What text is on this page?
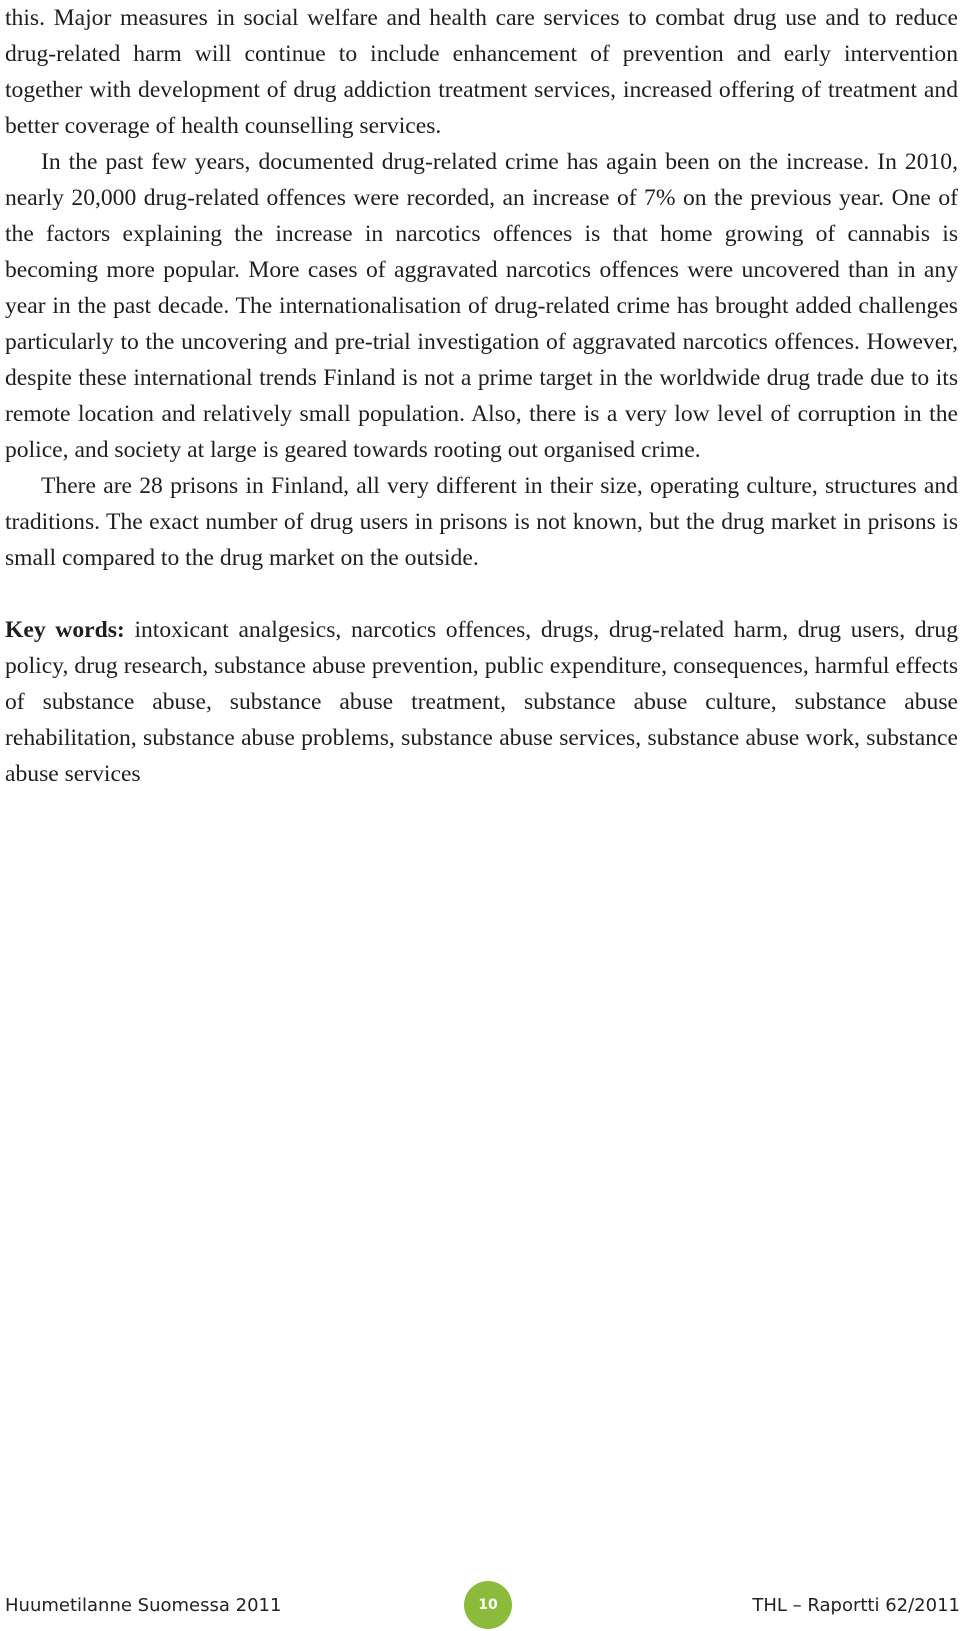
this. Major measures in social welfare and health care services to combat drug use and to reduce drug-related harm will continue to include enhancement of prevention and early intervention together with development of drug addiction treatment services, increased offering of treatment and better coverage of health counselling services.

In the past few years, documented drug-related crime has again been on the increase. In 2010, nearly 20,000 drug-related offences were recorded, an increase of 7% on the previous year. One of the factors explaining the increase in narcotics offences is that home growing of cannabis is becoming more popular. More cases of aggravated narcotics offences were uncovered than in any year in the past decade. The internationalisation of drug-related crime has brought added challenges particularly to the uncovering and pre-trial investigation of aggravated narcotics offences. However, despite these international trends Finland is not a prime target in the worldwide drug trade due to its remote location and relatively small population. Also, there is a very low level of corruption in the police, and society at large is geared towards rooting out organised crime.

There are 28 prisons in Finland, all very different in their size, operating culture, structures and traditions. The exact number of drug users in prisons is not known, but the drug market in prisons is small compared to the drug market on the outside.

Key words: intoxicant analgesics, narcotics offences, drugs, drug-related harm, drug users, drug policy, drug research, substance abuse prevention, public expenditure, consequences, harmful effects of substance abuse, substance abuse treatment, substance abuse culture, substance abuse rehabilitation, substance abuse problems, substance abuse services, substance abuse work, substance abuse services

Huumetilanne Suomessa 2011	10	THL – Raportti 62/2011
